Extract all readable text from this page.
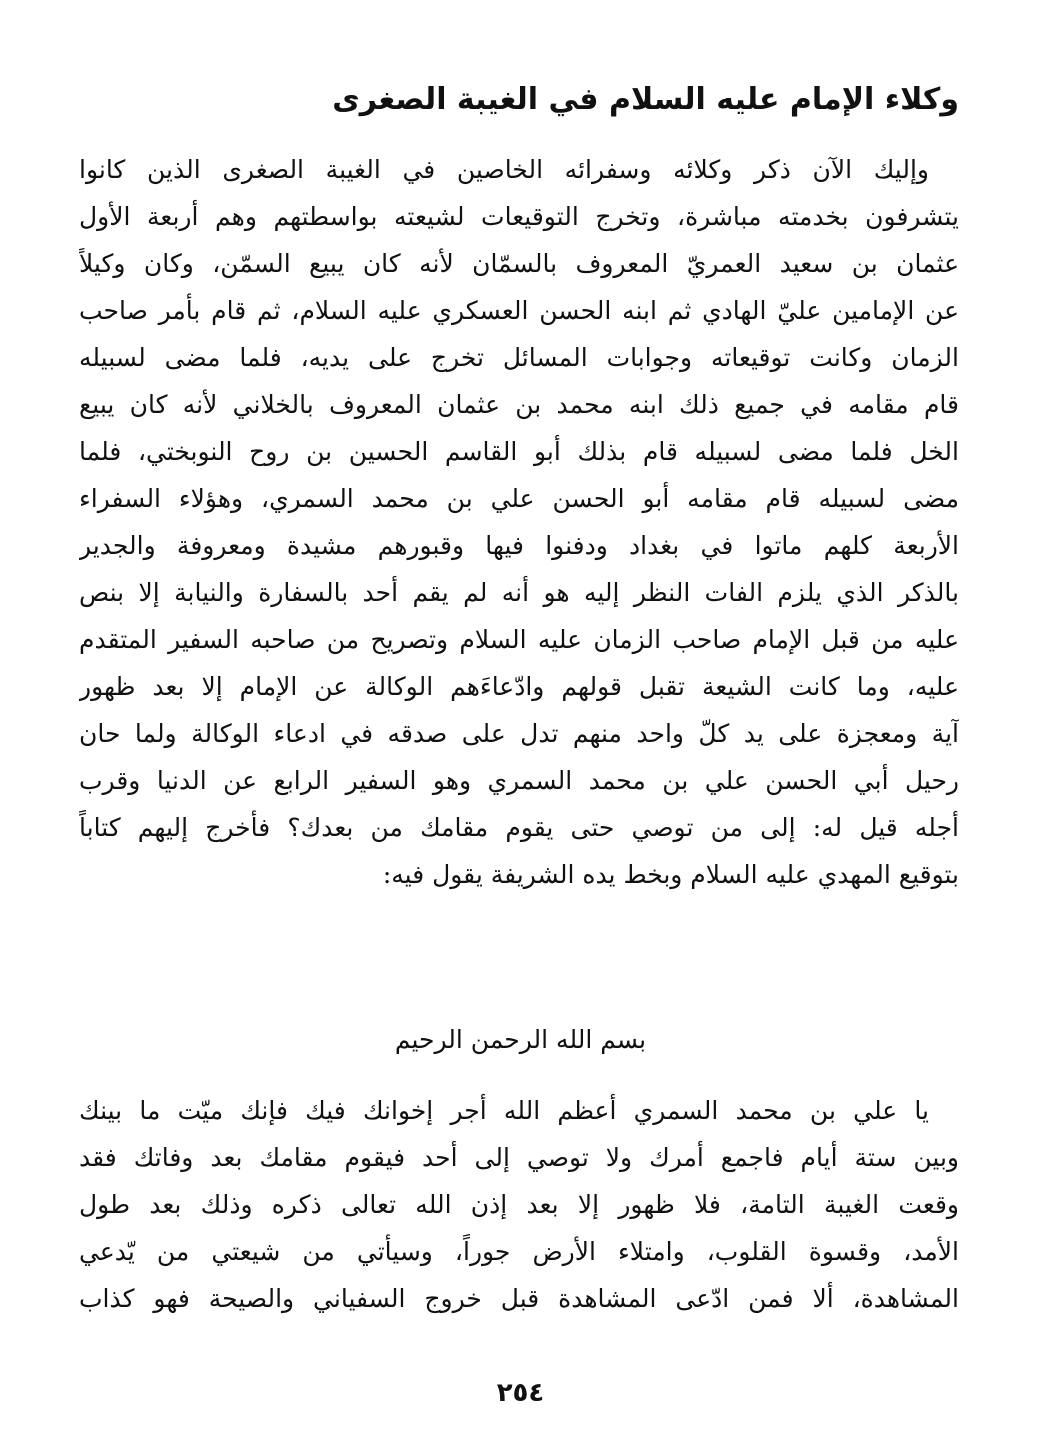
وكلاء الإمام عليه السلام في الغيبة الصغرى
وإليك الآن ذكر وكلائه وسفرائه الخاصين في الغيبة الصغرى الذين كانوا
يتشرفون بخدمته مباشرة، وتخرج التوقيعات لشيعته بواسطتهم وهم أربعة الأول
عثمان بن سعيد العمريّ المعروف بالسمّان لأنه كان يبيع السمّن، وكان وكيلاً
عن الإمامين عليّ الهادي ثم ابنه الحسن العسكري عليه السلام، ثم قام بأمر صاحب
الزمان وكانت توقيعاته وجوابات المسائل تخرج على يديه، فلما مضى لسبيله
قام مقامه في جميع ذلك ابنه محمد بن عثمان المعروف بالخلاني لأنه كان يبيع
الخل فلما مضى لسبيله قام بذلك أبو القاسم الحسين بن روح النوبختي، فلما
مضى لسبيله قام مقامه أبو الحسن علي بن محمد السمري، وهؤلاء السفراء
الأربعة كلهم ماتوا في بغداد ودفنوا فيها وقبورهم مشيدة ومعروفة والجدير
بالذكر الذي يلزم الفات النظر إليه هو أنه لم يقم أحد بالسفارة والنيابة إلا بنص
عليه من قبل الإمام صاحب الزمان عليه السلام وتصريح من صاحبه السفير المتقدم
عليه، وما كانت الشيعة تقبل قولهم وادّعاءَهم الوكالة عن الإمام إلا بعد ظهور
آية ومعجزة على يد كلّ واحد منهم تدل على صدقه في ادعاء الوكالة ولما حان
رحيل أبي الحسن علي بن محمد السمري وهو السفير الرابع عن الدنيا وقرب
أجله قيل له: إلى من توصي حتى يقوم مقامك من بعدك؟ فأخرج إليهم كتاباً
بتوقيع المهدي عليه السلام وبخط يده الشريفة يقول فيه:

بسم الله الرحمن الرحيم

يا علي بن محمد السمري أعظم الله أجر إخوانك فيك فإنك ميّت ما بينك
وبين ستة أيام فاجمع أمرك ولا توصي إلى أحد فيقوم مقامك بعد وفاتك فقد
وقعت الغيبة التامة، فلا ظهور إلا بعد إذن الله تعالى ذكره وذلك بعد طول
الأمد، وقسوة القلوب، وامتلاء الأرض جوراً، وسيأتي من شيعتي من يّدعي
المشاهدة، ألا فمن ادّعى المشاهدة قبل خروج السفياني والصيحة فهو كذاب

٢٥٤
